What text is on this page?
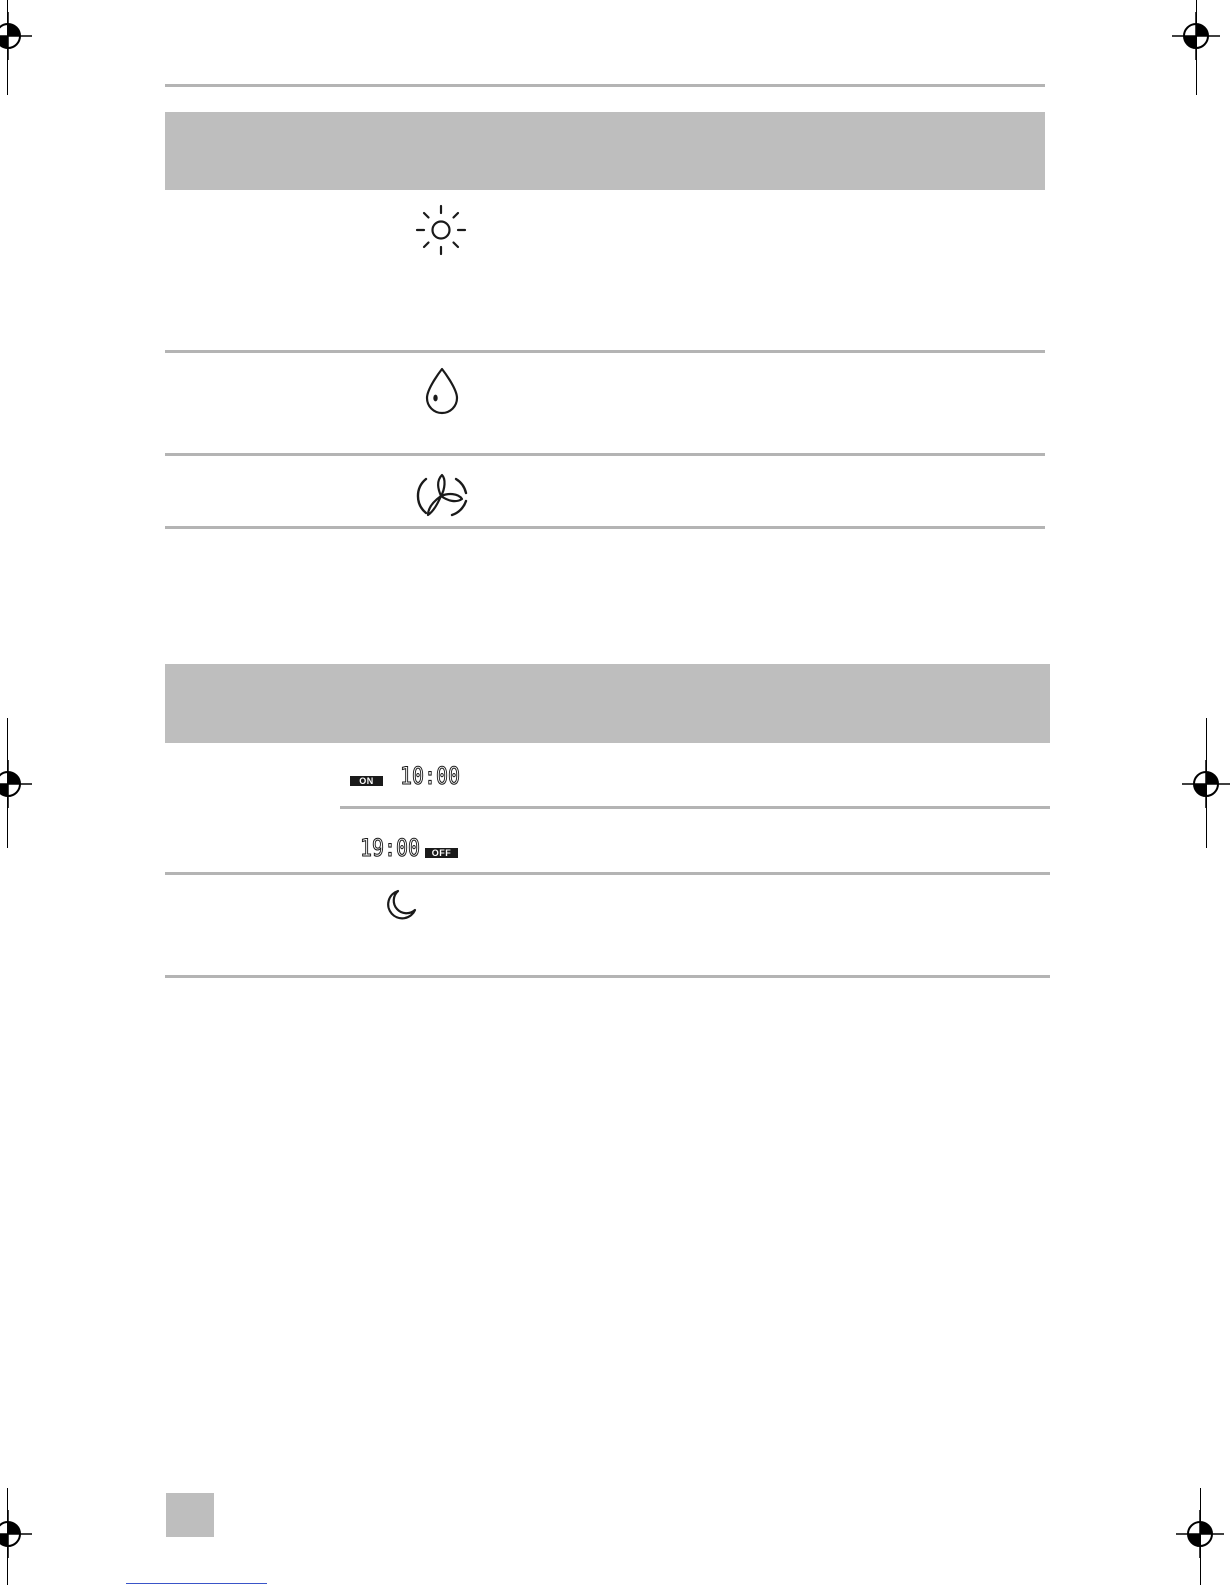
ON	10:00
19:00	OFF
